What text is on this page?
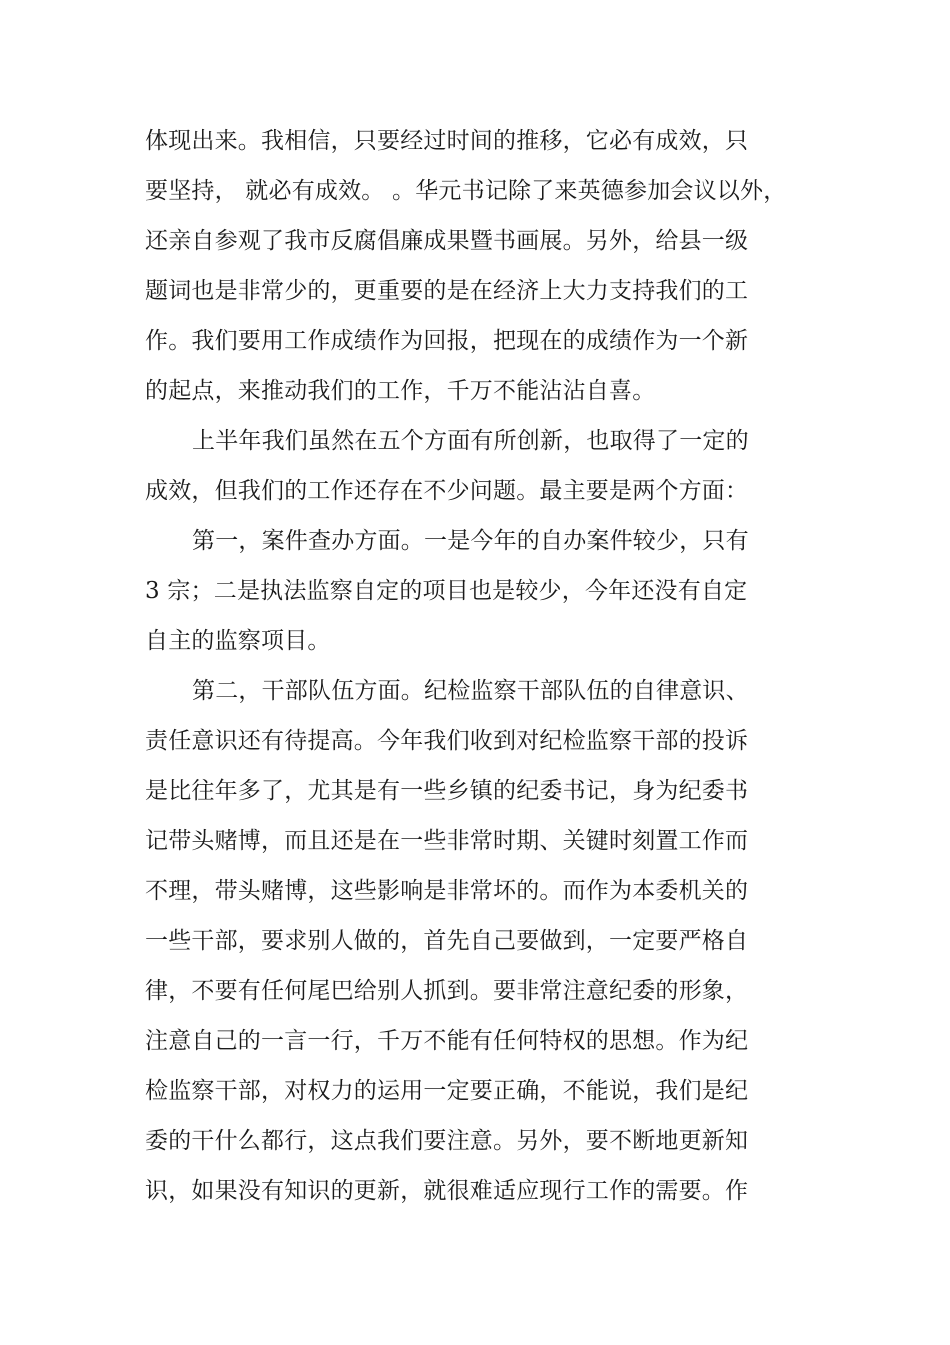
体现出来。我相信，只要经过时间的推移，它必有成效，只
要坚持， 就必有成效。 。华元书记除了来英德参加会议以外，
还亲自参观了我市反腐倡廉成果暨书画展。另外，给县一级
题词也是非常少的，更重要的是在经济上大力支持我们的工
作。我们要用工作成绩作为回报，把现在的成绩作为一个新
的起点，来推动我们的工作，千万不能沾沾自喜。
上半年我们虽然在五个方面有所创新，也取得了一定的
成效，但我们的工作还存在不少问题。最主要是两个方面：
第一，案件查办方面。一是今年的自办案件较少，只有
3 宗；二是执法监察自定的项目也是较少，今年还没有自定
自主的监察项目。
第二，干部队伍方面。纪检监察干部队伍的自律意识、
责任意识还有待提高。今年我们收到对纪检监察干部的投诉
是比往年多了，尤其是有一些乡镇的纪委书记，身为纪委书
记带头赌博，而且还是在一些非常时期、关键时刻置工作而
不理，带头赌博，这些影响是非常坏的。而作为本委机关的
一些干部，要求别人做的，首先自己要做到，一定要严格自
律，不要有任何尾巴给别人抓到。要非常注意纪委的形象，
注意自己的一言一行，千万不能有任何特权的思想。作为纪
检监察干部，对权力的运用一定要正确，不能说，我们是纪
委的干什么都行，这点我们要注意。另外，要不断地更新知
识，如果没有知识的更新，就很难适应现行工作的需要。作
